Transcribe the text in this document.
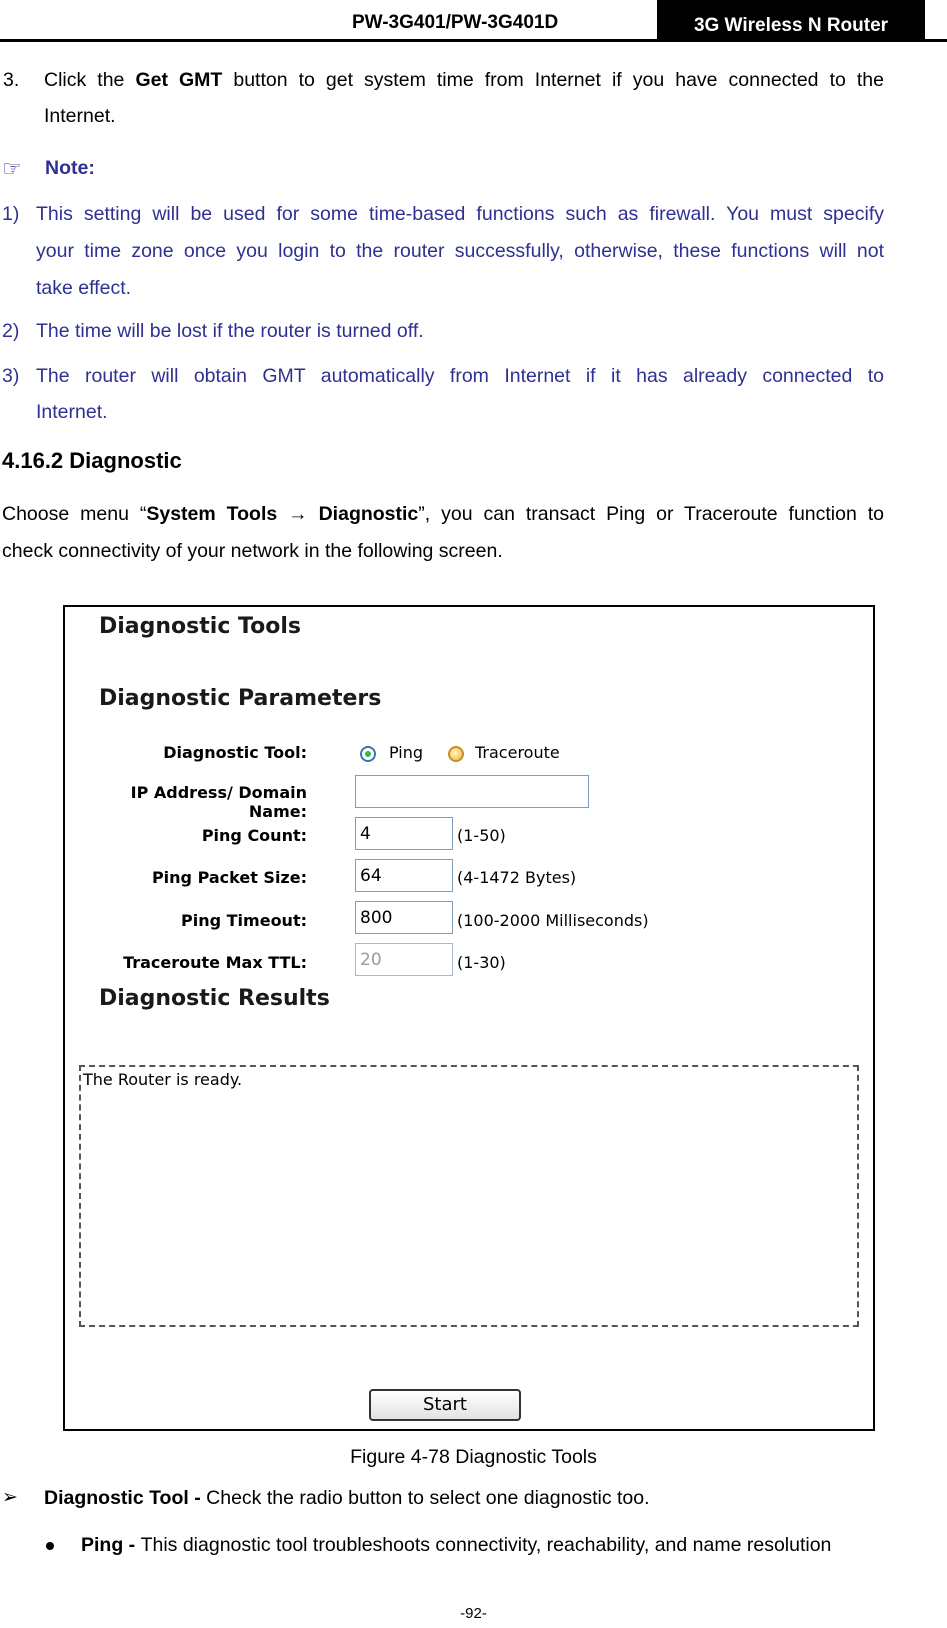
PW-3G401/PW-3G401D	3G Wireless N Router
3. Click the Get GMT button to get system time from Internet if you have connected to the
Internet.
☞ Note:
1) This setting will be used for some time-based functions such as firewall. You must specify
your time zone once you login to the router successfully, otherwise, these functions will not
take effect.
2) The time will be lost if the router is turned off.
3) The router will obtain GMT automatically from Internet if it has already connected to
Internet.
4.16.2 Diagnostic
Choose menu “System Tools → Diagnostic”, you can transact Ping or Traceroute function to
check connectivity of your network in the following screen.
Diagnostic Tools
Diagnostic Parameters
Diagnostic Tool:	Ping	Traceroute
IP Address/ Domain Name:
Ping Count:	4	(1-50)
Ping Packet Size:	64	(4-1472 Bytes)
Ping Timeout:	800	(100-2000 Milliseconds)
Traceroute Max TTL:	20	(1-30)
Diagnostic Results
The Router is ready.
Start
Figure 4-78 Diagnostic Tools
➢ Diagnostic Tool - Check the radio button to select one diagnostic too.
Ping - This diagnostic tool troubleshoots connectivity, reachability, and name resolution
-92-
